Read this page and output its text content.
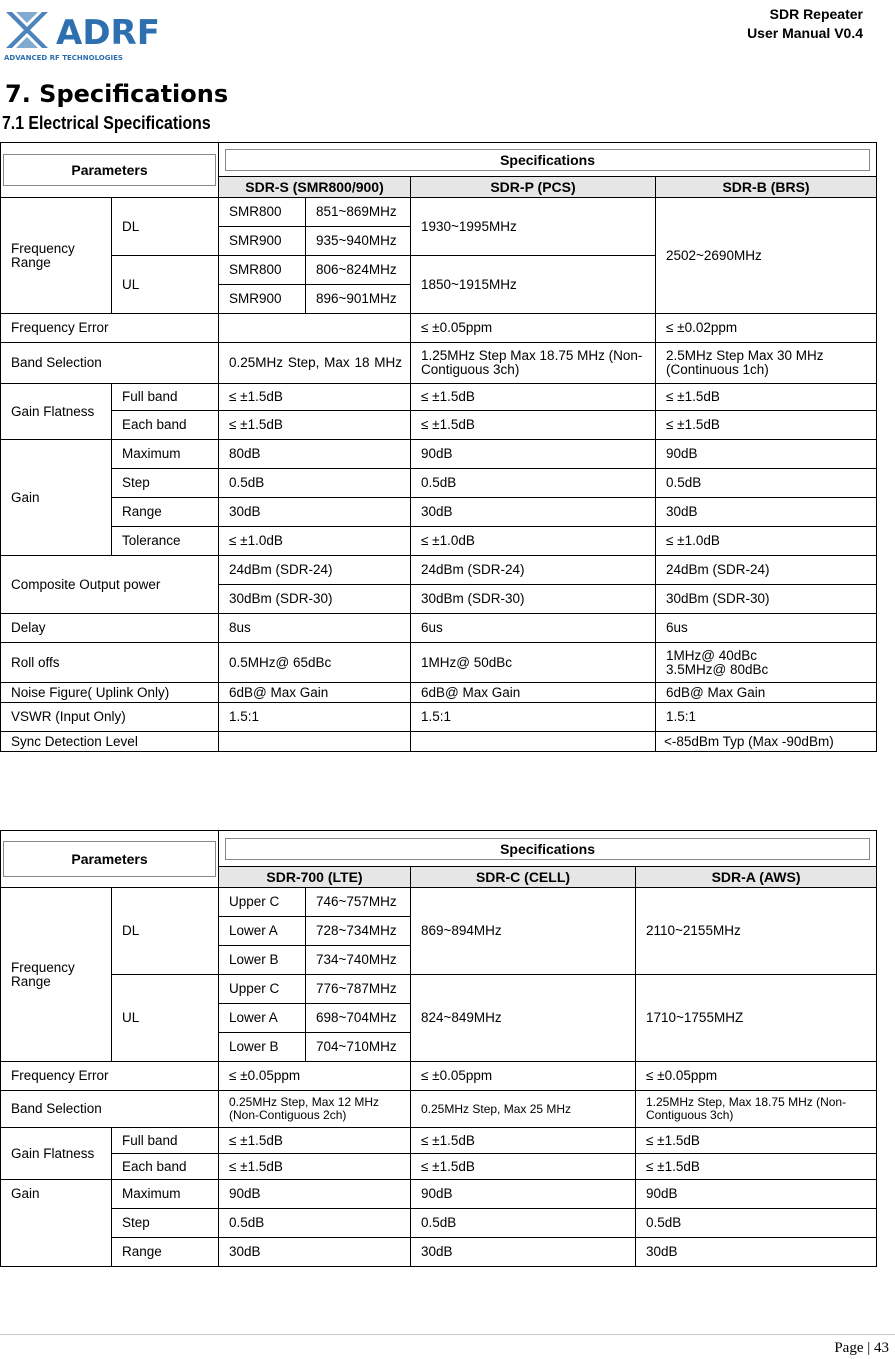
ADRF
ADVANCED RF TECHNOLOGIES
SDR Repeater
User Manual V0.4
7. Specifications
7.1 Electrical Specifications
Parameters		Specifications			

		SDR-S (SMR800/900)		SDR-P (PCS)	SDR-B (BRS)
Frequency Range	DL	SMR800	851~869MHz	1930~1995MHz	2502~2690MHz
		SMR900	935~940MHz		
	UL	SMR800	806~824MHz	1850~1915MHz	
		SMR900	896~901MHz		
Frequency Error				≤ ±0.05ppm	≤ ±0.02ppm
Band Selection		0.25MHz Step, Max 18 MHz		1.25MHz Step Max 18.75 MHz (Non-Contiguous 3ch)	2.5MHz Step Max 30 MHz (Continuous 1ch)
Gain Flatness	Full band	≤ ±1.5dB		≤ ±1.5dB	≤ ±1.5dB
	Each band	≤ ±1.5dB		≤ ±1.5dB	≤ ±1.5dB
Gain	Maximum	80dB		90dB	90dB
	Step	0.5dB		0.5dB	0.5dB
	Range	30dB		30dB	30dB
	Tolerance	≤ ±1.0dB		≤ ±1.0dB	≤ ±1.0dB
Composite Output power		24dBm (SDR-24)		24dBm (SDR-24)	24dBm (SDR-24)
		30dBm (SDR-30)		30dBm (SDR-30)	30dBm (SDR-30)
Delay		8us		6us	6us
Roll offs		0.5MHz@ 65dBc		1MHz@ 50dBc	1MHz@ 40dBc
3.5MHz@ 80dBc

Noise Figure( Uplink Only)		6dB@ Max Gain		6dB@ Max Gain	6dB@ Max Gain
VSWR (Input Only)		1.5:1		1.5:1	1.5:1
Sync Detection Level					<-85dBm Typ (Max -90dBm)
Parameters		Specifications			

		SDR-700 (LTE)		SDR-C (CELL)	SDR-A (AWS)
Frequency Range	DL	Upper C	746~757MHz	869~894MHz	2110~2155MHz
		Lower A	728~734MHz		
		Lower B	734~740MHz		
	UL	Upper C	776~787MHz	824~849MHz	1710~1755MHZ
		Lower A	698~704MHz		
		Lower B	704~710MHz		
Frequency Error		≤ ±0.05ppm		≤ ±0.05ppm	≤ ±0.05ppm
Band Selection		0.25MHz Step, Max 12 MHz (Non-Contiguous 2ch)		0.25MHz Step, Max 25 MHz	1.25MHz Step, Max 18.75 MHz (Non-Contiguous 3ch)
Gain Flatness	Full band	≤ ±1.5dB		≤ ±1.5dB	≤ ±1.5dB
	Each band	≤ ±1.5dB		≤ ±1.5dB	≤ ±1.5dB
Gain	Maximum	90dB		90dB	90dB
	Step	0.5dB		0.5dB	0.5dB
	Range	30dB		30dB	30dB
Page | 43
